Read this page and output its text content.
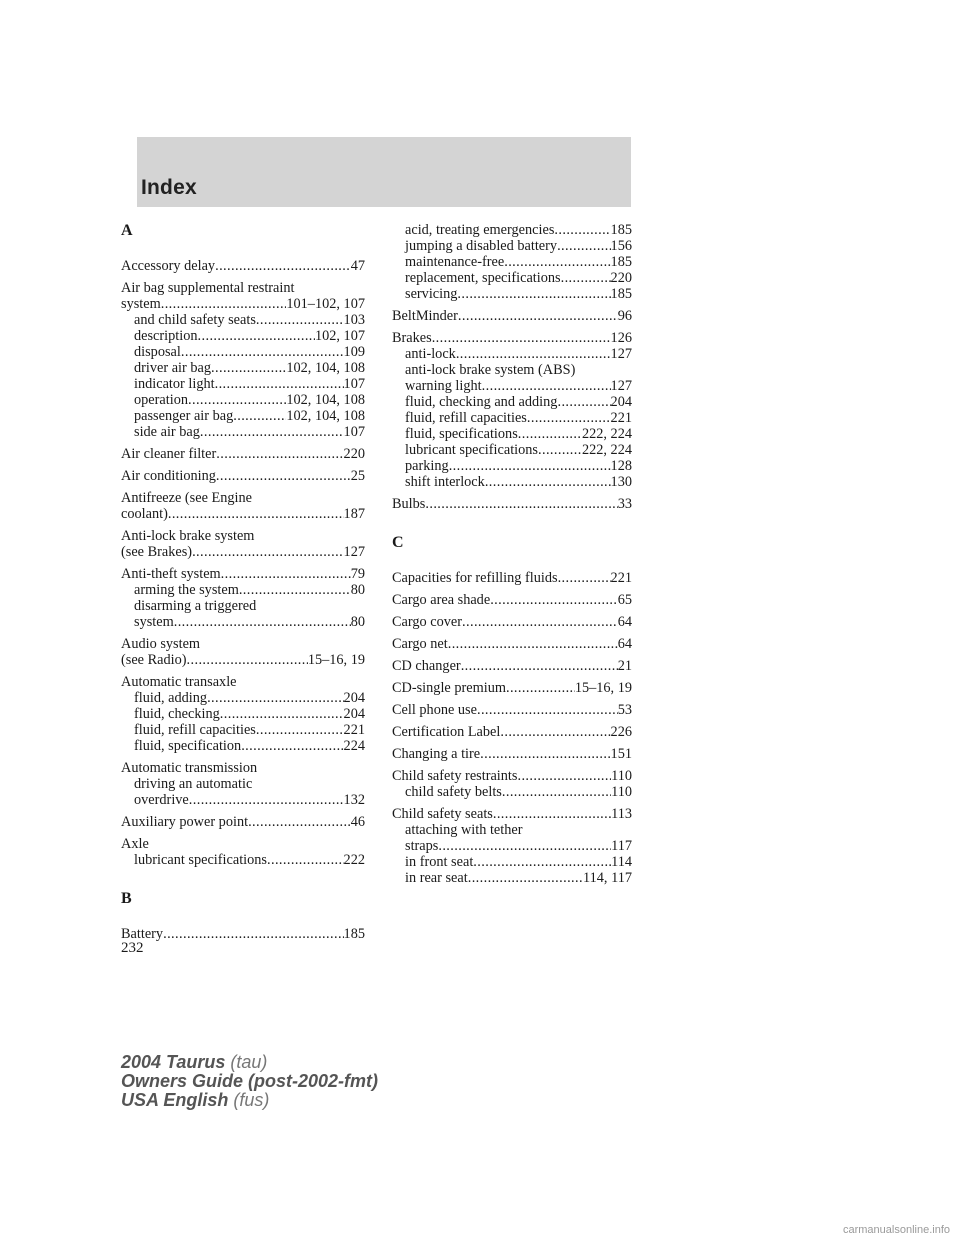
Index
A
Accessory delay .....	47
Air bag supplemental restraint
system .....	101–102, 107
and child safety seats .....	103
description .....	102, 107
disposal .....	109
driver air bag .....	102, 104, 108
indicator light .....	107
operation .....	102, 104, 108
passenger air bag .....	102, 104, 108
side air bag .....	107
Air cleaner filter .....	220
Air conditioning .....	25
Antifreeze (see Engine
coolant) .....	187
Anti-lock brake system
(see Brakes) .....	127
Anti-theft system .....	79
arming the system .....	80
disarming a triggered
system .....	80
Audio system
(see Radio) .....	15–16, 19
Automatic transaxle
fluid, adding .....	204
fluid, checking .....	204
fluid, refill capacities .....	221
fluid, specification .....	224
Automatic transmission
driving an automatic
overdrive .....	132
Auxiliary power point .....	46
Axle
lubricant specifications .....	222
B
Battery .....	185
acid, treating emergencies .....	185
jumping a disabled battery .....	156
maintenance-free .....	185
replacement, specifications .....	220
servicing .....	185
BeltMinder .....	96
Brakes .....	126
anti-lock .....	127
anti-lock brake system (ABS)
warning light .....	127
fluid, checking and adding .....	204
fluid, refill capacities .....	221
fluid, specifications .....	222, 224
lubricant specifications .....	222, 224
parking .....	128
shift interlock .....	130
Bulbs .....	33
C
Capacities for refilling fluids .....	221
Cargo area shade .....	65
Cargo cover .....	64
Cargo net .....	64
CD changer .....	21
CD-single premium .....	15–16, 19
Cell phone use .....	53
Certification Label .....	226
Changing a tire .....	151
Child safety restraints .....	110
child safety belts .....	110
Child safety seats .....	113
attaching with tether
straps .....	117
in front seat .....	114
in rear seat .....	114, 117
232
2004 Taurus (tau)
Owners Guide (post-2002-fmt)
USA English (fus)
carmanualsonline.info
